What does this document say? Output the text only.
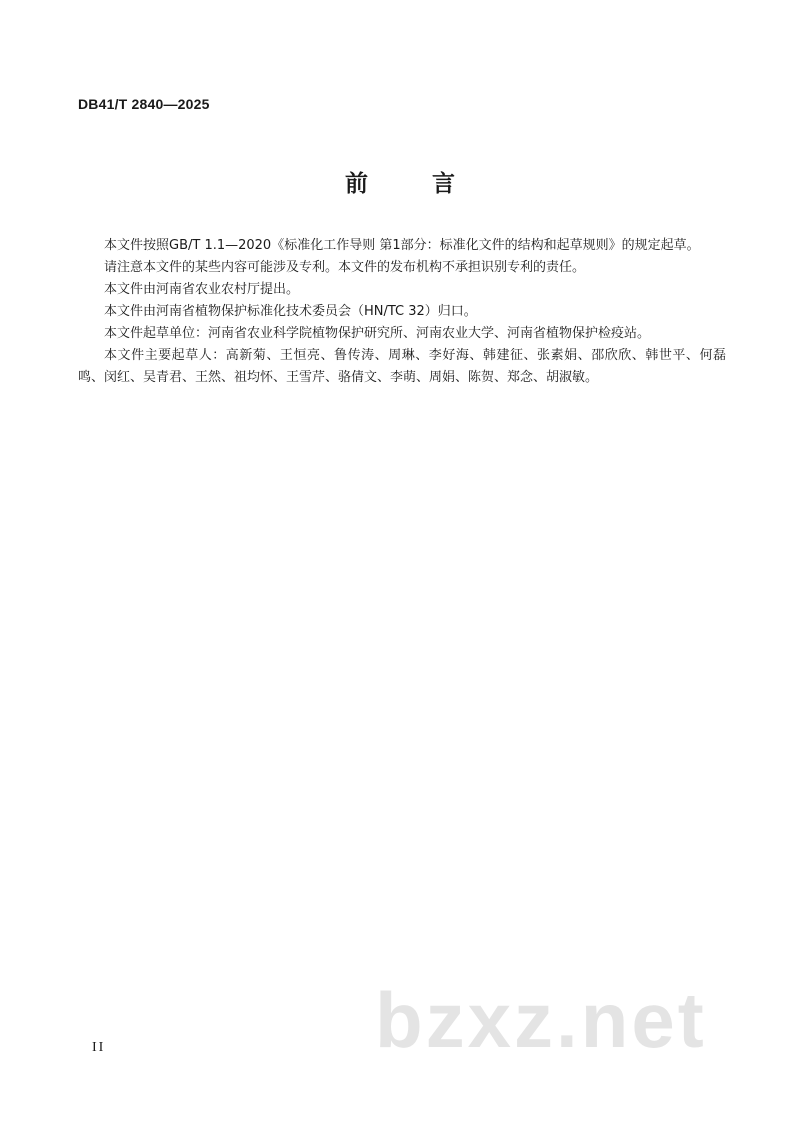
DB41/T 2840—2025
前 言

本文件按照GB/T 1.1—2020《标准化工作导则 第1部分：标准化文件的结构和起草规则》的规定起草。

请注意本文件的某些内容可能涉及专利。本文件的发布机构不承担识别专利的责任。

本文件由河南省农业农村厅提出。

本文件由河南省植物保护标准化技术委员会（HN/TC 32）归口。

本文件起草单位：河南省农业科学院植物保护研究所、河南农业大学、河南省植物保护检疫站。

本文件主要起草人：高新菊、王恒亮、鲁传涛、周琳、李好海、韩建征、张素娟、邵欣欣、韩世平、何磊鸣、闵红、吴青君、王然、祖均怀、王雪芹、骆倩文、李萌、周娟、陈贺、郑念、胡淑敏。

II	bzxz.net
